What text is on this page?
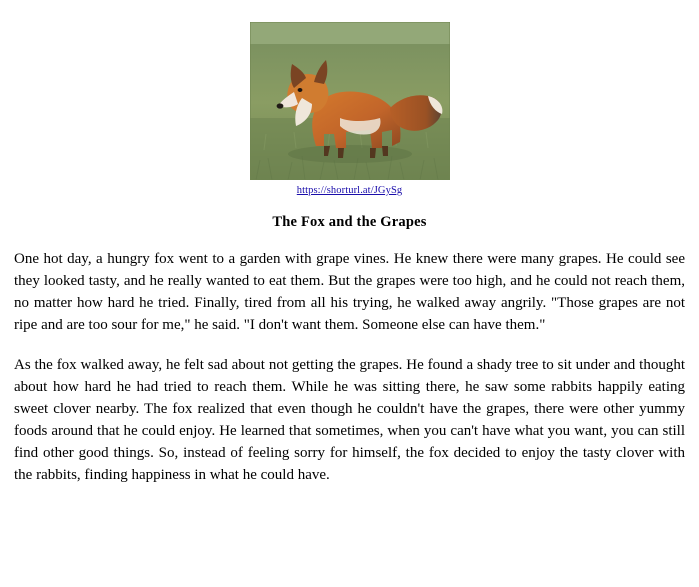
https://shorturl.at/JGySg
The Fox and the Grapes

One hot day, a hungry fox went to a garden with grape vines. He knew there were many grapes. He could see they looked tasty, and he really wanted to eat them. But the grapes were too high, and he could not reach them, no matter how hard he tried. Finally, tired from all his trying, he walked away angrily. "Those grapes are not ripe and are too sour for me," he said. "I don't want them. Someone else can have them."

As the fox walked away, he felt sad about not getting the grapes. He found a shady tree to sit under and thought about how hard he had tried to reach them. While he was sitting there, he saw some rabbits happily eating sweet clover nearby. The fox realized that even though he couldn't have the grapes, there were other yummy foods around that he could enjoy. He learned that sometimes, when you can't have what you want, you can still find other good things. So, instead of feeling sorry for himself, the fox decided to enjoy the tasty clover with the rabbits, finding happiness in what he could have.
